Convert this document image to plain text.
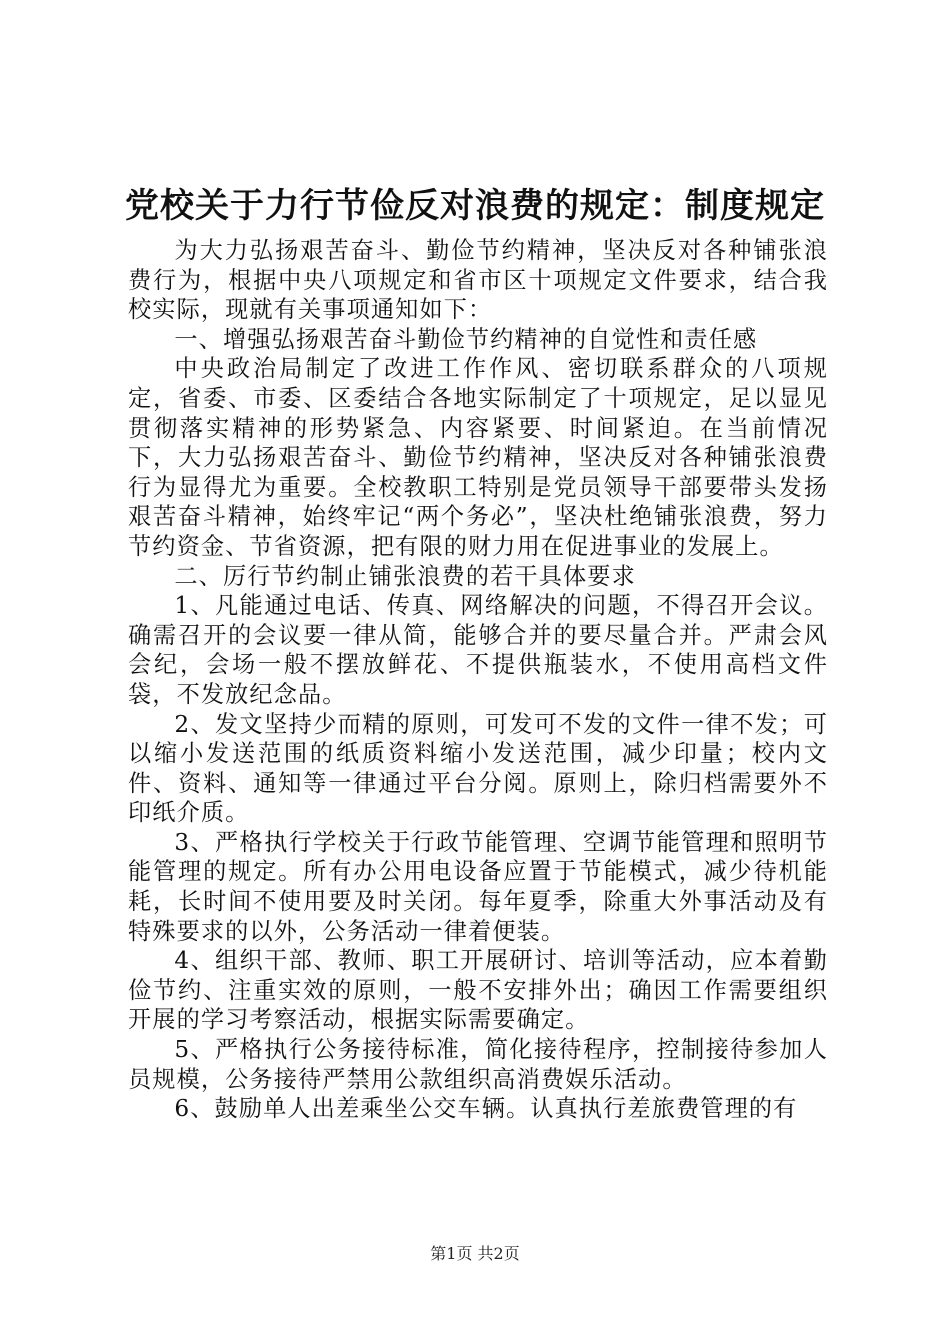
党校关于力行节俭反对浪费的规定：制度规定

为大力弘扬艰苦奋斗、勤俭节约精神，坚决反对各种铺张浪费行为，根据中央八项规定和省市区十项规定文件要求，结合我校实际，现就有关事项通知如下：

一、增强弘扬艰苦奋斗勤俭节约精神的自觉性和责任感

中央政治局制定了改进工作作风、密切联系群众的八项规定，省委、市委、区委结合各地实际制定了十项规定，足以显见贯彻落实精神的形势紧急、内容紧要、时间紧迫。在当前情况下，大力弘扬艰苦奋斗、勤俭节约精神，坚决反对各种铺张浪费行为显得尤为重要。全校教职工特别是党员领导干部要带头发扬艰苦奋斗精神，始终牢记“两个务必”，坚决杜绝铺张浪费，努力节约资金、节省资源，把有限的财力用在促进事业的发展上。

二、厉行节约制止铺张浪费的若干具体要求

1、凡能通过电话、传真、网络解决的问题，不得召开会议。确需召开的会议要一律从简，能够合并的要尽量合并。严肃会风会纪，会场一般不摆放鲜花、不提供瓶装水，不使用高档文件袋，不发放纪念品。

2、发文坚持少而精的原则，可发可不发的文件一律不发；可以缩小发送范围的纸质资料缩小发送范围，减少印量；校内文件、资料、通知等一律通过平台分阅。原则上，除归档需要外不印纸介质。

3、严格执行学校关于行政节能管理、空调节能管理和照明节能管理的规定。所有办公用电设备应置于节能模式，减少待机能耗，长时间不使用要及时关闭。每年夏季，除重大外事活动及有特殊要求的以外，公务活动一律着便装。

4、组织干部、教师、职工开展研讨、培训等活动，应本着勤俭节约、注重实效的原则，一般不安排外出；确因工作需要组织开展的学习考察活动，根据实际需要确定。

5、严格执行公务接待标准，简化接待程序，控制接待参加人员规模，公务接待严禁用公款组织高消费娱乐活动。

6、鼓励单人出差乘坐公交车辆。认真执行差旅费管理的有

第1页 共2页
